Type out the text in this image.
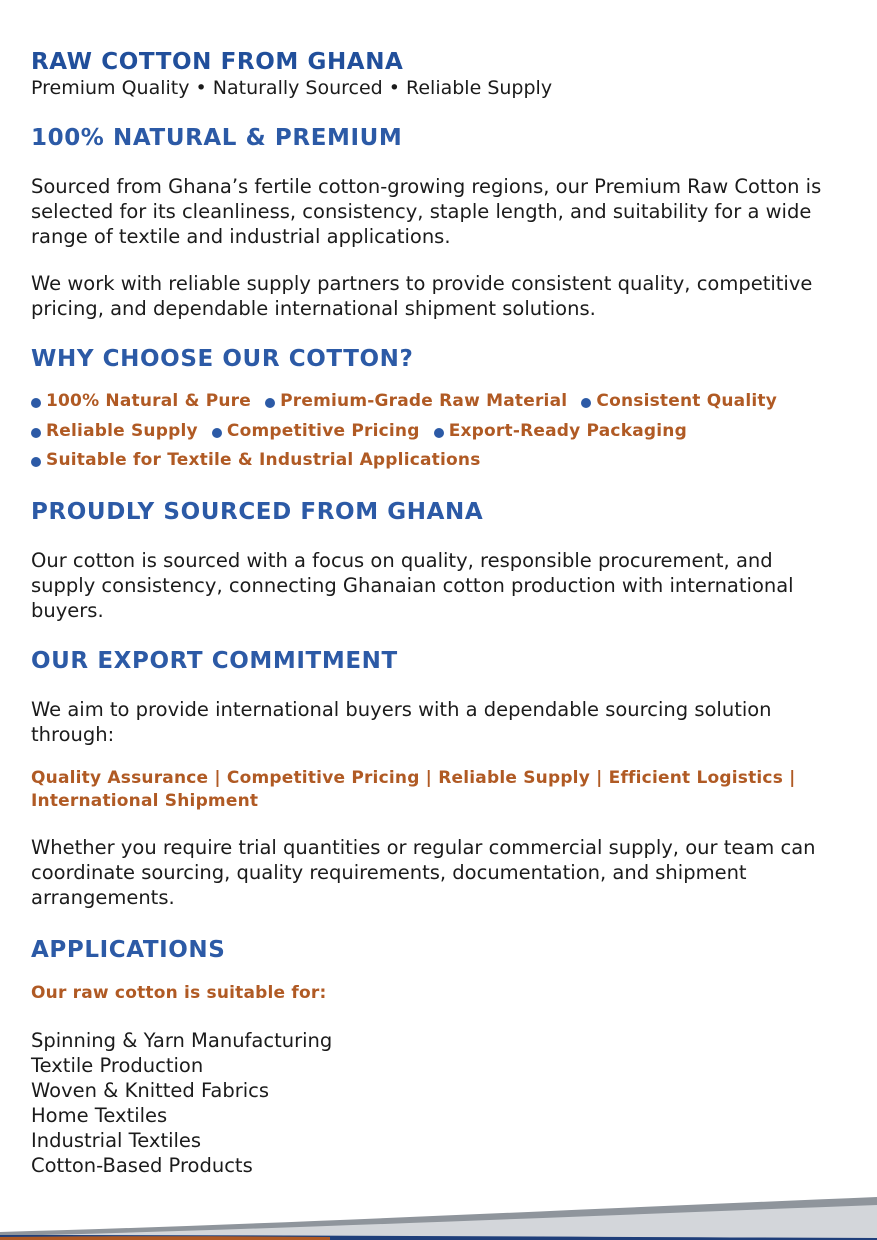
RAW COTTON FROM GHANA

Premium Quality • Naturally Sourced • Reliable Supply

100% NATURAL & PREMIUM

Sourced from Ghana’s fertile cotton-growing regions, our Premium Raw Cotton is selected for its cleanliness, consistency, staple length, and suitability for a wide range of textile and industrial applications.

We work with reliable supply partners to provide consistent quality, competitive pricing, and dependable international shipment solutions.

WHY CHOOSE OUR COTTON?

100% Natural & Pure Premium-Grade Raw Material Consistent Quality Reliable Supply Competitive Pricing Export-Ready Packaging Suitable for Textile & Industrial Applications

PROUDLY SOURCED FROM GHANA

Our cotton is sourced with a focus on quality, responsible procurement, and supply consistency, connecting Ghanaian cotton production with international buyers.

OUR EXPORT COMMITMENT

We aim to provide international buyers with a dependable sourcing solution through:

Quality Assurance | Competitive Pricing | Reliable Supply | Efficient Logistics | International Shipment

Whether you require trial quantities or regular commercial supply, our team can coordinate sourcing, quality requirements, documentation, and shipment arrangements.

APPLICATIONS

Our raw cotton is suitable for:

Spinning & Yarn Manufacturing
Textile Production
Woven & Knitted Fabrics
Home Textiles
Industrial Textiles
Cotton-Based Products
